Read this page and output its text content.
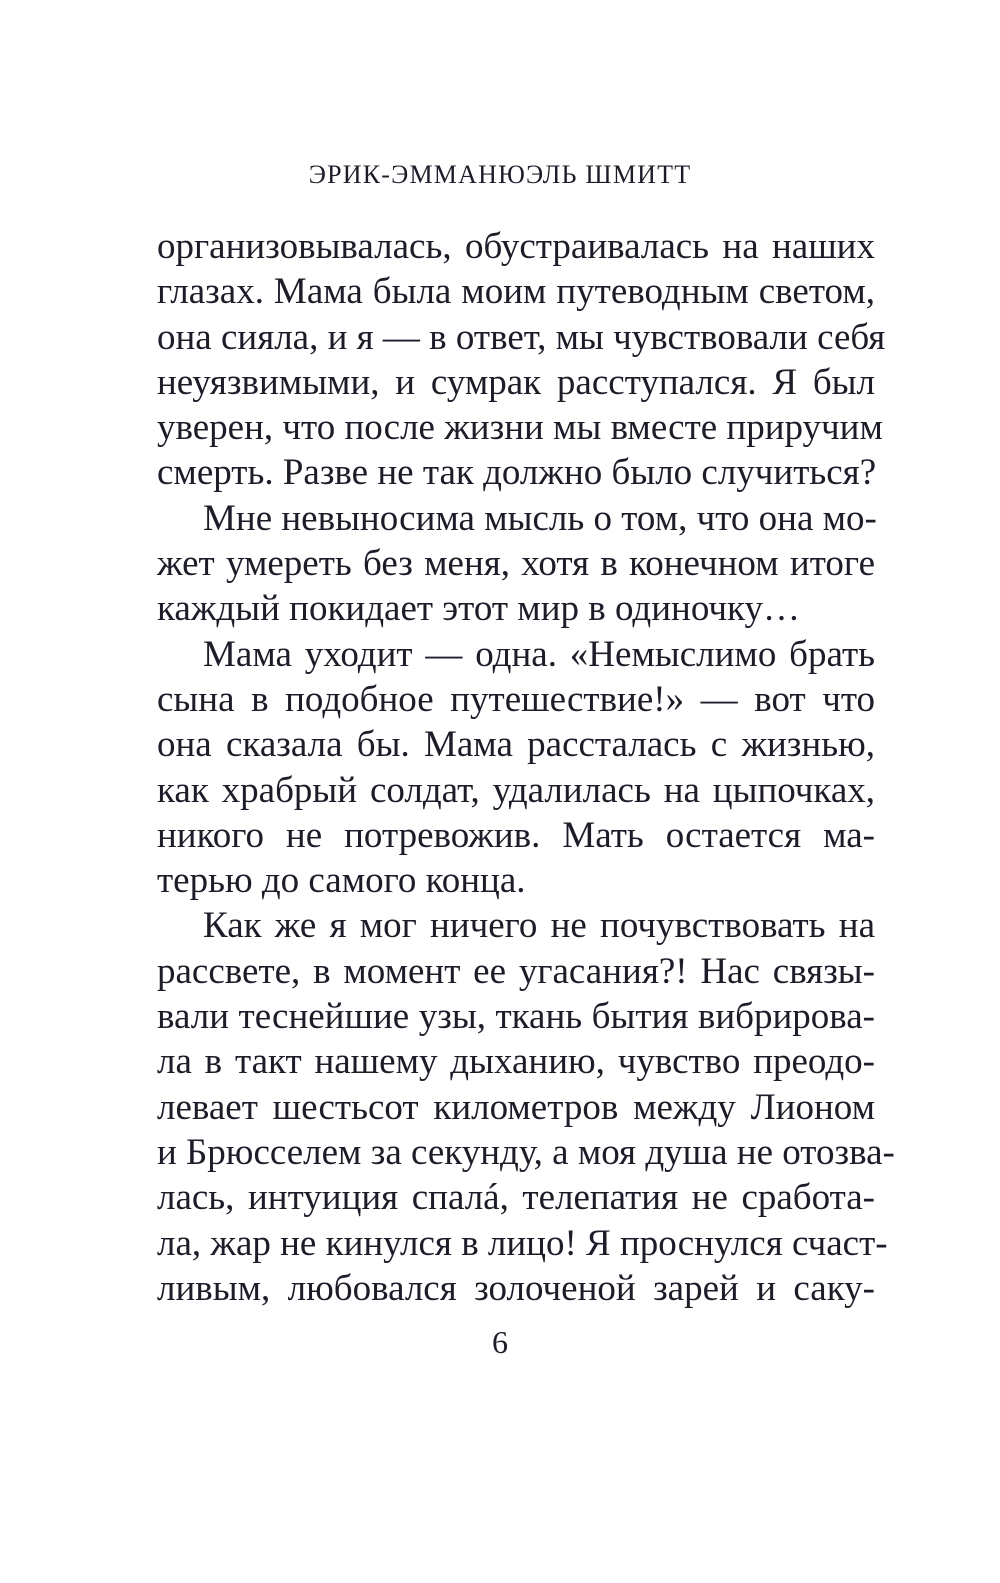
ЭРИК-ЭММАНЮЭЛЬ ШМИТТ
организовывалась, обустраивалась на наших
глазах. Мама была моим путеводным светом,
она сияла, и я — в ответ, мы чувствовали себя
неуязвимыми, и сумрак расступался. Я был
уверен, что после жизни мы вместе приручим
смерть. Разве не так должно было случиться?
Мне невыносима мысль о том, что она мо-
жет умереть без меня, хотя в конечном итоге
каждый покидает этот мир в одиночку…
Мама уходит — одна. «Немыслимо брать
сына в подобное путешествие!» — вот что
она сказала бы. Мама рассталась с жизнью,
как храбрый солдат, удалилась на цыпочках,
никого не потревожив. Мать остается ма-
терью до самого конца.
Как же я мог ничего не почувствовать на
рассвете, в момент ее угасания?! Нас связы-
вали теснейшие узы, ткань бытия вибрирова-
ла в такт нашему дыханию, чувство преодо-
левает шестьсот километров между Лионом
и Брюсселем за секунду, а моя душа не отозва-
лась, интуиция спалá, телепатия не сработа-
ла, жар не кинулся в лицо! Я проснулся счаст-
ливым, любовался золоченой зарей и саку-
6
